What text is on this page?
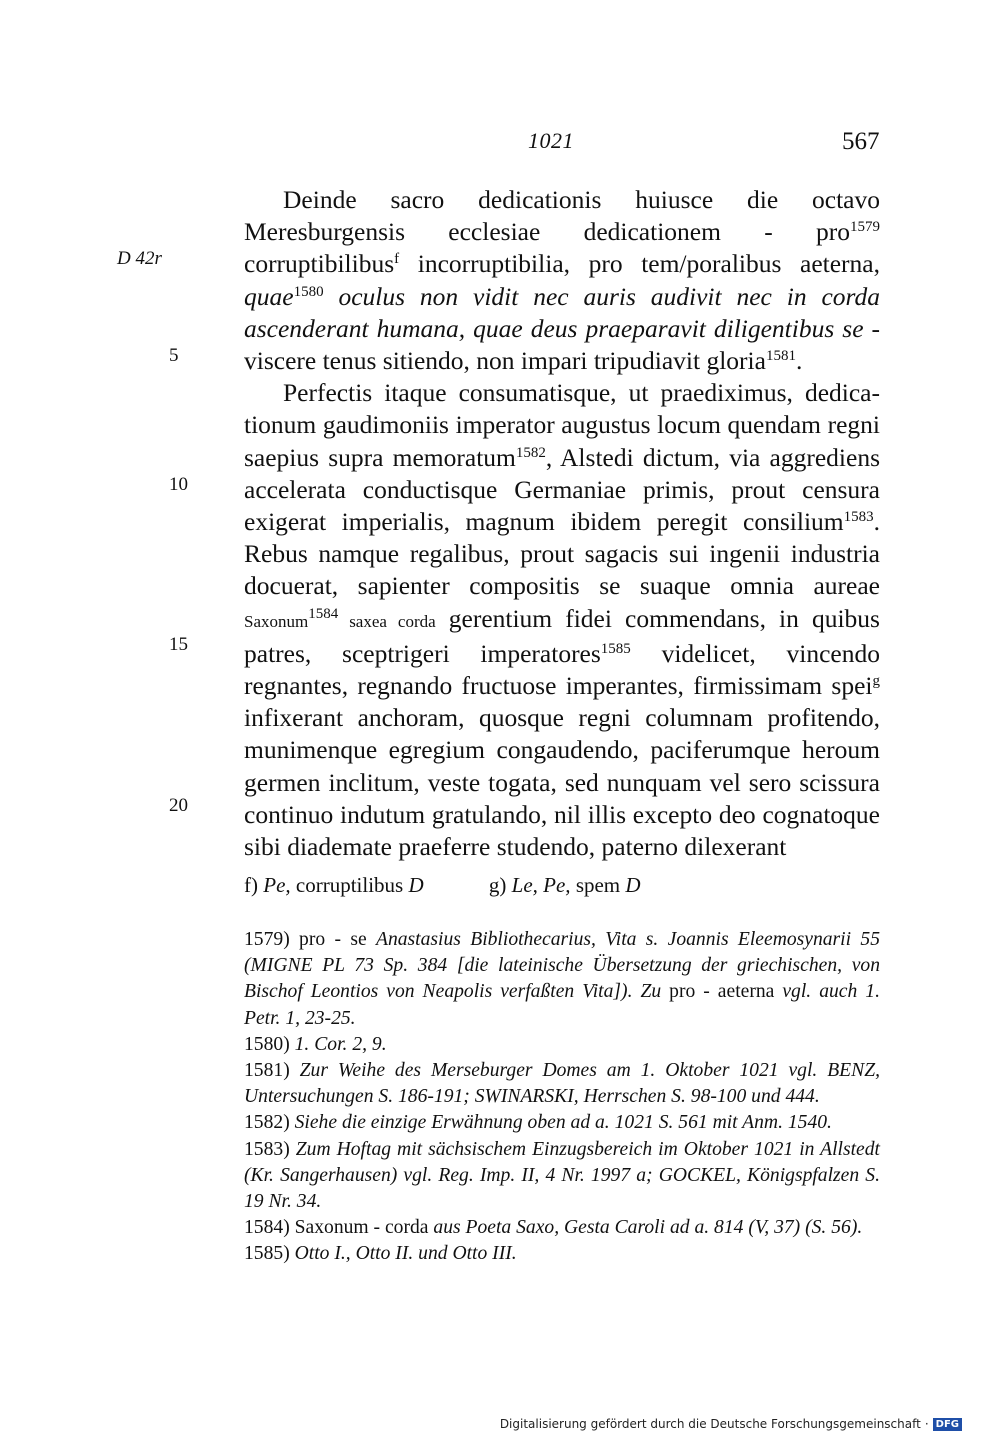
1021	567
D 42r
5
10
15
20

Deinde sacro dedicationis huiusce die octavo Meresburgensis ecclesiae dedicationem - pro$^{1579}$ corruptibilibus$^f$ incorruptibilia, pro tem/poralibus aeterna, quae$^{1580}$ oculus non vidit nec auris audivit nec in corda ascenderant humana, quae deus praeparavit diligentibus se - viscere tenus sitiendo, non impari tripudiavit gloria$^{1581}$.

Perfectis itaque consumatisque, ut praediximus, dedicationum gaudimoniis imperator augustus locum quendam regni saepius supra memoratum$^{1582}$, Alstedi dictum, via aggrediens accelerata conductisque Germaniae primis, prout censura exigerat imperialis, magnum ibidem peregit consilium$^{1583}$. Rebus namque regalibus, prout sagacis sui ingenii industria docuerat, sapienter compositis se suaque omnia aureae Saxonum$^{1584}$ saxea corda gerentium fidei commendans, in quibus patres, sceptrigeri imperatores$^{1585}$ videlicet, vincendo regnantes, regnando fructuose imperantes, firmissimam spei$^g$ infixerant anchoram, quosque regni columnam profitendo, munimenque egregium congaudendo, paciferumque heroum germen inclitum, veste togata, sed nunquam vel sero scissura continuo indutum gratulando, nil illis excepto deo cognatoque sibi diademate praeferre studendo, paterno dilexerant

f) Pe, corruptilibus D	g) Le, Pe, spem D

1579) pro - se Anastasius Bibliothecarius, Vita s. Joannis Eleemosynarii 55 (MIGNE PL 73 Sp. 384 [die lateinische Übersetzung der griechischen, von Bischof Leontios von Neapolis verfaßten Vita]). Zu pro - aeterna vgl. auch 1. Petr. 1, 23-25.

1580) 1. Cor. 2, 9.

1581) Zur Weihe des Merseburger Domes am 1. Oktober 1021 vgl. BENZ, Untersuchungen S. 186-191; SWINARSKI, Herrschen S. 98-100 und 444.

1582) Siehe die einzige Erwähnung oben ad a. 1021 S. 561 mit Anm. 1540.

1583) Zum Hoftag mit sächsischem Einzugsbereich im Oktober 1021 in Allstedt (Kr. Sangerhausen) vgl. Reg. Imp. II, 4 Nr. 1997 a; GOCKEL, Königspfalzen S. 19 Nr. 34.

1584) Saxonum - corda aus Poeta Saxo, Gesta Caroli ad a. 814 (V, 37) (S. 56).

1585) Otto I., Otto II. und Otto III.

Digitalisierung gefördert durch die Deutsche Forschungsgemeinschaft · DFG
